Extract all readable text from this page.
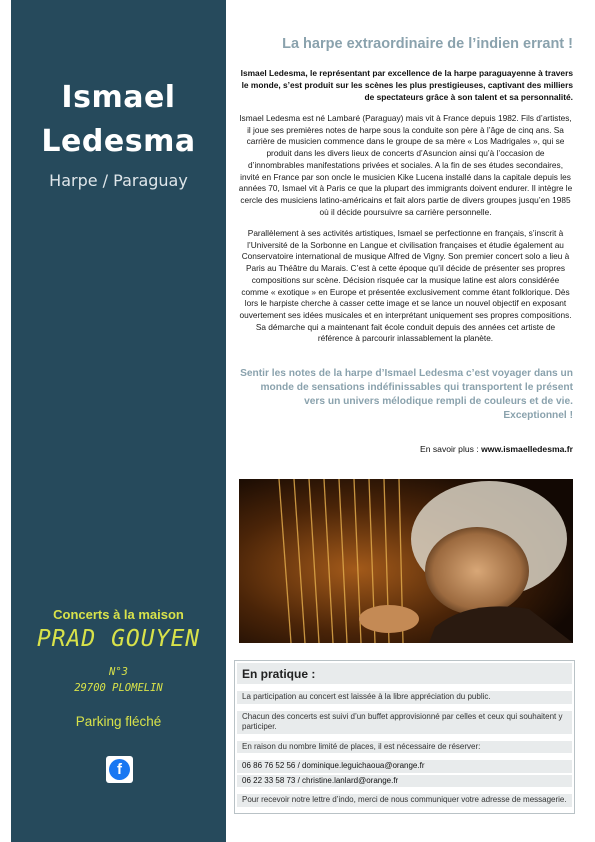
Ismael
Ledesma
Harpe / Paraguay
Concerts à la maison
PRAD GOUYEN
N°3
29700 PLOMELIN
Parking fléché
f
La harpe extraordinaire de l’indien errant !
Ismael Ledesma, le représentant par excellence de la harpe paraguayenne à travers le monde, s’est produit sur les scènes les plus prestigieuses, captivant des milliers de spectateurs grâce à son talent et sa personnalité.
Ismael Ledesma est né Lambaré (Paraguay) mais vit à France depuis 1982. Fils d’artistes, il joue ses premières notes de harpe sous la conduite son père à l’âge de cinq ans. Sa carrière de musicien commence dans le groupe de sa mère « Los Madrigales », qui se produit dans les divers lieux de concerts d’Asuncion ainsi qu’à l’occasion de d’innombrables manifestations privées et sociales. A la fin de ses études secondaires, invité en France par son oncle le musicien Kike Lucena installé dans la capitale depuis les années 70, Ismael vit à Paris ce que la plupart des immigrants doivent endurer. Il intègre le cercle des musiciens latino-américains et fait alors partie de divers groupes jusqu’en 1985 où il décide poursuivre sa carrière personnelle.
Parallèlement à ses activités artistiques, Ismael se perfectionne en français, s’inscrit à l’Université de la Sorbonne en Langue et civilisation françaises et étudie également au Conservatoire international de musique Alfred de Vigny. Son premier concert solo a lieu à Paris au Théâtre du Marais. C’est à cette époque qu’il décide de présenter ses propres compositions sur scène. Décision risquée car la musique latine est alors considérée comme « exotique » en Europe et présentée exclusivement comme étant folklorique. Dès lors le harpiste cherche à casser cette image et se lance un nouvel objectif en exposant ouvertement ses idées musicales et en interprétant uniquement ses propres compositions. Sa démarche qui a maintenant fait école conduit depuis des années cet artiste de référence à parcourir inlassablement la planète.
Sentir les notes de la harpe d’Ismael Ledesma c’est voyager dans un monde de sensations indéfinissables qui transportent le présent vers un univers mélodique rempli de couleurs et de vie. Exceptionnel !
En savoir plus : www.ismaelledesma.fr
En pratique :
La participation au concert est laissée à la libre appréciation du public.
Chacun des concerts est suivi d’un buffet approvisionné par celles et ceux qui souhaitent y participer.
En raison du nombre limité de places, il est nécessaire de réserver:
06 86 76 52 56 / dominique.leguichaoua@orange.fr
06 22 33 58 73 / christine.lanlard@orange.fr
Pour recevoir notre lettre d’indo, merci de nous communiquer votre adresse de messagerie.
